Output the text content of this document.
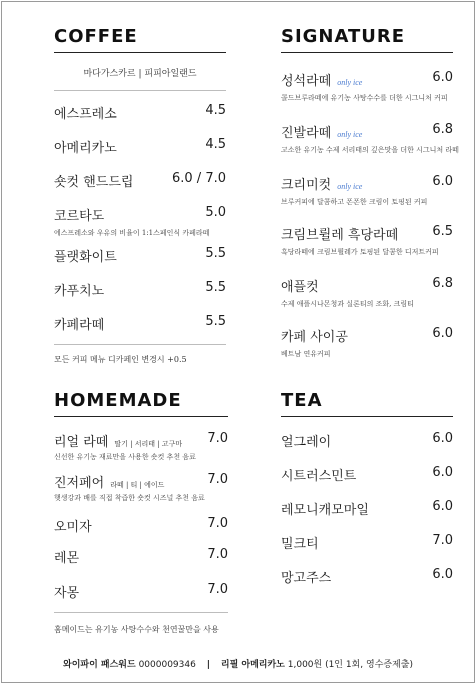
COFFEE
마다가스카르 | 피피아일랜드
에스프레소	4.5
아메리카노	4.5
숏컷 핸드드립	6.0 / 7.0
코르타도	5.0
에스프레소와 우유의 비율이 1:1스페인식 카페라떼
플랫화이트	5.5
카푸치노	5.5
카페라떼	5.5
모든 커피 메뉴 디카페인 변경시 +0.5
SIGNATURE
성석라떼 only ice	6.0
콜드브루라떼에 유기농 사탕수수를 더한 시그니처 커피
진발라떼 only ice	6.8
고소한 유기농 수제 서리태의 깊은맛을 더한 시그니처 라떼
크리미컷 only ice	6.0
브루커피에 달콤하고 폰폰한 크림이 토핑된 커피
크림브륄레 흑당라떼	6.5
흑당라떼에 크림브륄레가 토핑된 달콤한 디저트커피
애플컷	6.8
수제 애플시나몬청과 실론티의 조화, 크림티
카페 사이공	6.0
베트남 연유커피
HOMEMADE
리얼 라떼 딸기 | 서리태 | 고구마 7.0
신선한 유기농 재료만을 사용한 숏컷 추천 음료
진저페어 라떼 | 티 | 에이드	7.0
햇생강과 배를 직접 착즙한 숏컷 시즈널 추천 음료
오미자	7.0
레몬	7.0
자몽	7.0
홈메이드는 유기농 사탕수수와 천연꿀만을 사용
TEA
얼그레이	6.0
시트러스민트	6.0
레모니캐모마일	6.0
밀크티	7.0
망고주스	6.0
와이파이 패스워드 0000009346 | 리필 아메리카노 1,000원 (1인 1회, 영수증제출)
